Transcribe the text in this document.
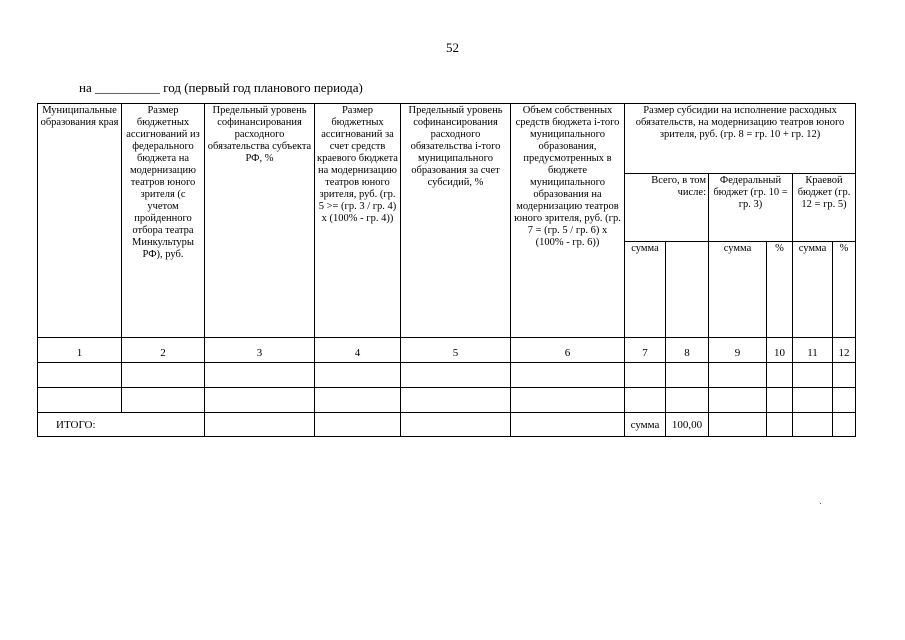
52
на __________ год (первый год планового периода)
Муниципальные образования края	Размер бюджетных ассигнований из федерального бюджета на модернизацию театров юного зрителя (с учетом пройденного отбора театра Минкультуры РФ), руб.	Предельный уровень софинансирования расходного обязательства субъекта РФ, %	Размер бюджетных ассигнований за счет средств краевого бюджета на модернизацию театров юного зрителя, руб. (гр. 5 >= (гр. 3 / гр. 4) x (100% - гр. 4))	Предельный уровень софинансирования расходного обязательства i-того муниципального образования за счет субсидий, %	Объем собственных средств бюджета i-того муниципального образования, предусмотренных в бюджете муниципального образования на модернизацию театров юного зрителя, руб. (гр. 7 = (гр. 5 / гр. 6) x (100% - гр. 6))	Размер субсидии на исполнение расходных обязательств, на модернизацию театров юного зрителя, руб. (гр. 8 = гр. 10 + гр. 12)					
						Всего, в том числе:		Федеральный бюджет (гр. 10 = гр. 3)		Краевой бюджет (гр. 12 = гр. 5)	
						сумма		сумма	%	сумма	%
1	2	3	4	5	6	7	8	9	10	11	12

ИТОГО:						сумма	100,00				
